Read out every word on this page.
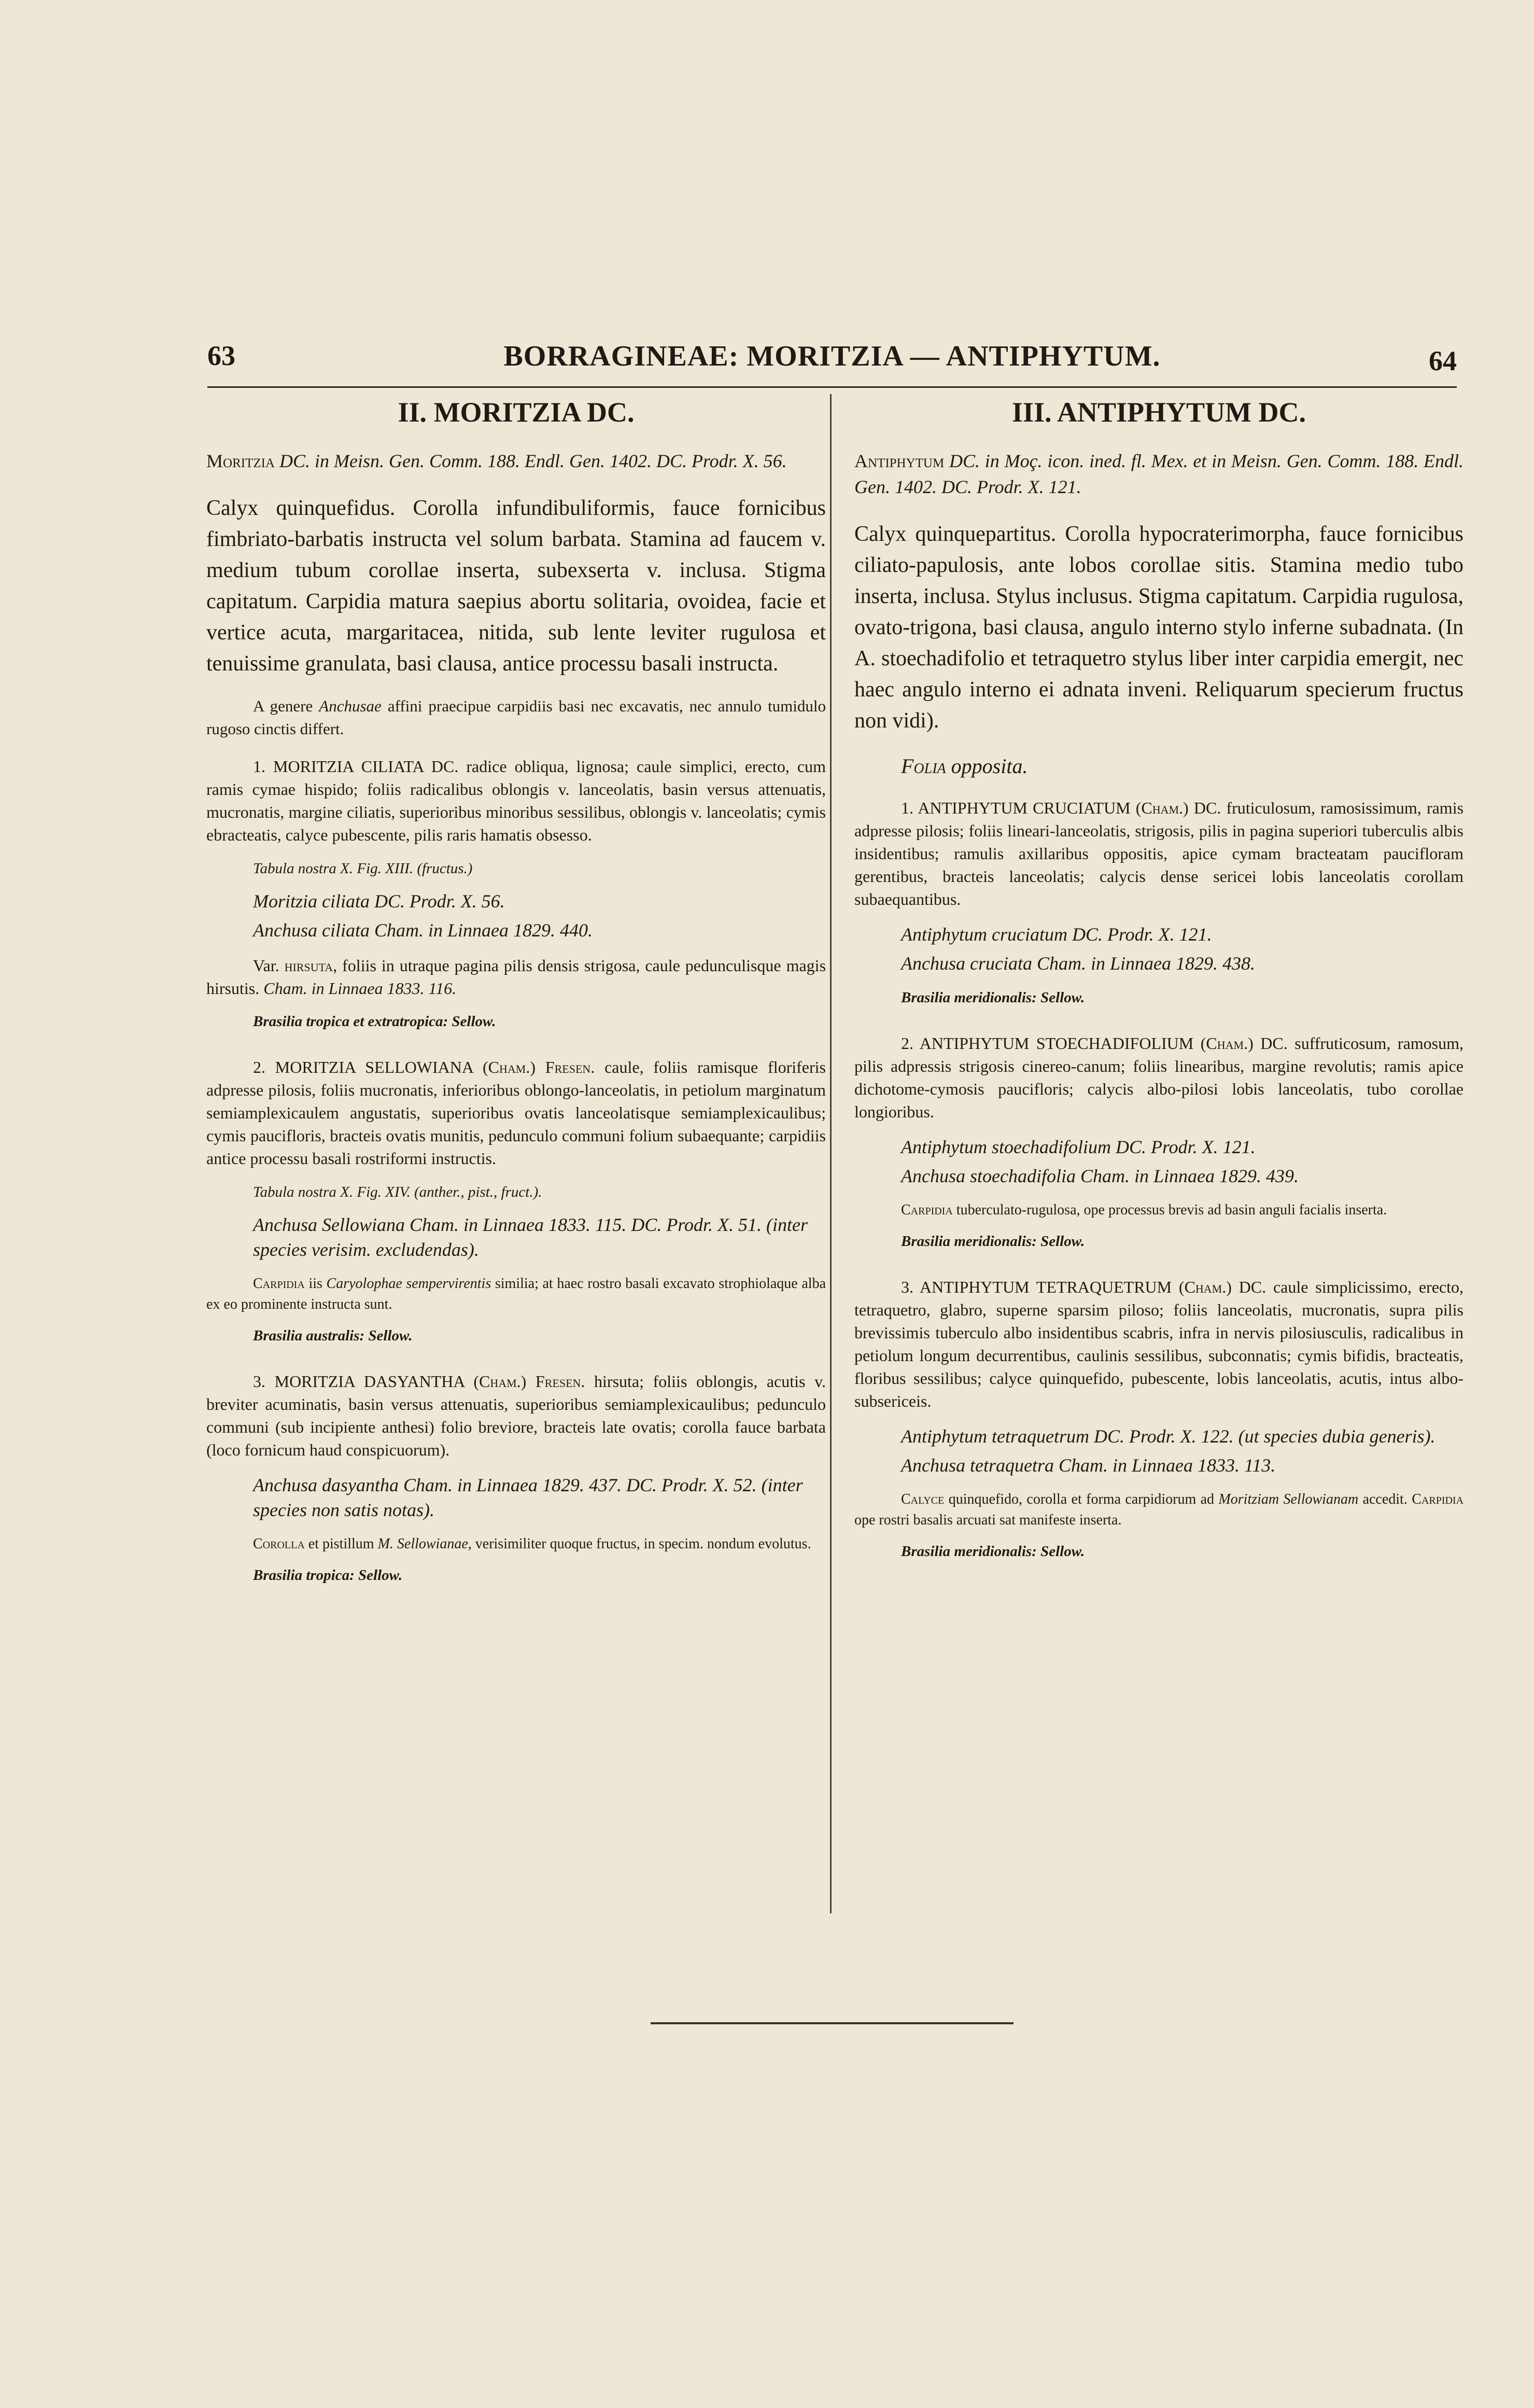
63	BORRAGINEAE: MORITZIA — ANTIPHYTUM.	64
II. MORITZIA DC.

Moritzia DC. in Meisn. Gen. Comm. 188. Endl. Gen. 1402. DC. Prodr. X. 56.

Calyx quinquefidus. Corolla infundibuliformis, fauce fornicibus fimbriato-barbatis instructa vel solum barbata. Stamina ad faucem v. medium tubum corollae inserta, subexserta v. inclusa. Stigma capitatum. Carpidia matura saepius abortu solitaria, ovoidea, facie et vertice acuta, margaritacea, nitida, sub lente leviter rugulosa et tenuissime granulata, basi clausa, antice processu basali instructa.

A genere Anchusae affini praecipue carpidiis basi nec excavatis, nec annulo tumidulo rugoso cinctis differt.

1. MORITZIA CILIATA DC. radice obliqua, lignosa; caule simplici, erecto, cum ramis cymae hispido; foliis radicalibus oblongis v. lanceolatis, basin versus attenuatis, mucronatis, margine ciliatis, superioribus minoribus sessilibus, oblongis v. lanceolatis; cymis ebracteatis, calyce pubescente, pilis raris hamatis obsesso.

Tabula nostra X. Fig. XIII. (fructus.)
Moritzia ciliata DC. Prodr. X. 56.
Anchusa ciliata Cham. in Linnaea 1829. 440.

Var. hirsuta, foliis in utraque pagina pilis densis strigosa, caule pedunculisque magis hirsutis. Cham. in Linnaea 1833. 116.

Brasilia tropica et extratropica: Sellow.

2. MORITZIA SELLOWIANA (Cham.) Fresen. caule, foliis ramisque floriferis adpresse pilosis, foliis mucronatis, inferioribus oblongo-lanceolatis, in petiolum marginatum semiamplexicaulem angustatis, superioribus ovatis lanceolatisque semiamplexicaulibus; cymis paucifloris, bracteis ovatis munitis, pedunculo communi folium subaequante; carpidiis antice processu basali rostriformi instructis.

Tabula nostra X. Fig. XIV. (anther., pist., fruct.).
Anchusa Sellowiana Cham. in Linnaea 1833. 115. DC. Prodr. X. 51. (inter species verisim. excludendas).

Carpidia iis Caryolophae sempervirentis similia; at haec rostro basali excavato strophiolaque alba ex eo prominente instructa sunt.

Brasilia australis: Sellow.

3. MORITZIA DASYANTHA (Cham.) Fresen. hirsuta; foliis oblongis, acutis v. breviter acuminatis, basin versus attenuatis, superioribus semiamplexicaulibus; pedunculo communi (sub incipiente anthesi) folio breviore, bracteis late ovatis; corolla fauce barbata (loco fornicum haud conspicuorum).

Anchusa dasyantha Cham. in Linnaea 1829. 437. DC. Prodr. X. 52. (inter species non satis notas).

Corolla et pistillum M. Sellowianae, verisimiliter quoque fructus, in specim. nondum evolutus.

Brasilia tropica: Sellow.
III. ANTIPHYTUM DC.

Antiphytum DC. in Moç. icon. ined. fl. Mex. et in Meisn. Gen. Comm. 188. Endl. Gen. 1402. DC. Prodr. X. 121.

Calyx quinquepartitus. Corolla hypocraterimorpha, fauce fornicibus ciliato-papulosis, ante lobos corollae sitis. Stamina medio tubo inserta, inclusa. Stylus inclusus. Stigma capitatum. Carpidia rugulosa, ovato-trigona, basi clausa, angulo interno stylo inferne subadnata. (In A. stoechadifolio et tetraquetro stylus liber inter carpidia emergit, nec haec angulo interno ei adnata inveni. Reliquarum specierum fructus non vidi).

Folia opposita.

1. ANTIPHYTUM CRUCIATUM (Cham.) DC. fruticulosum, ramosissimum, ramis adpresse pilosis; foliis lineari-lanceolatis, strigosis, pilis in pagina superiori tuberculis albis insidentibus; ramulis axillaribus oppositis, apice cymam bracteatam paucifloram gerentibus, bracteis lanceolatis; calycis dense sericei lobis lanceolatis corollam subaequantibus.

Antiphytum cruciatum DC. Prodr. X. 121.
Anchusa cruciata Cham. in Linnaea 1829. 438.
Brasilia meridionalis: Sellow.

2. ANTIPHYTUM STOECHADIFOLIUM (Cham.) DC. suffruticosum, ramosum, pilis adpressis strigosis cinereo-canum; foliis linearibus, margine revolutis; ramis apice dichotome-cymosis paucifloris; calycis albo-pilosi lobis lanceolatis, tubo corollae longioribus.

Antiphytum stoechadifolium DC. Prodr. X. 121.
Anchusa stoechadifolia Cham. in Linnaea 1829. 439.

Carpidia tuberculato-rugulosa, ope processus brevis ad basin anguli facialis inserta.

Brasilia meridionalis: Sellow.

3. ANTIPHYTUM TETRAQUETRUM (Cham.) DC. caule simplicissimo, erecto, tetraquetro, glabro, superne sparsim piloso; foliis lanceolatis, mucronatis, supra pilis brevissimis tuberculo albo insidentibus scabris, infra in nervis pilosiusculis, radicalibus in petiolum longum decurrentibus, caulinis sessilibus, subconnatis; cymis bifidis, bracteatis, floribus sessilibus; calyce quinquefido, pubescente, lobis lanceolatis, acutis, intus albo-subsericeis.

Antiphytum tetraquetrum DC. Prodr. X. 122. (ut species dubia generis).
Anchusa tetraquetra Cham. in Linnaea 1833. 113.

Calyce quinquefido, corolla et forma carpidiorum ad Moritziam Sellowianam accedit. Carpidia ope rostri basalis arcuati sat manifeste inserta.

Brasilia meridionalis: Sellow.
